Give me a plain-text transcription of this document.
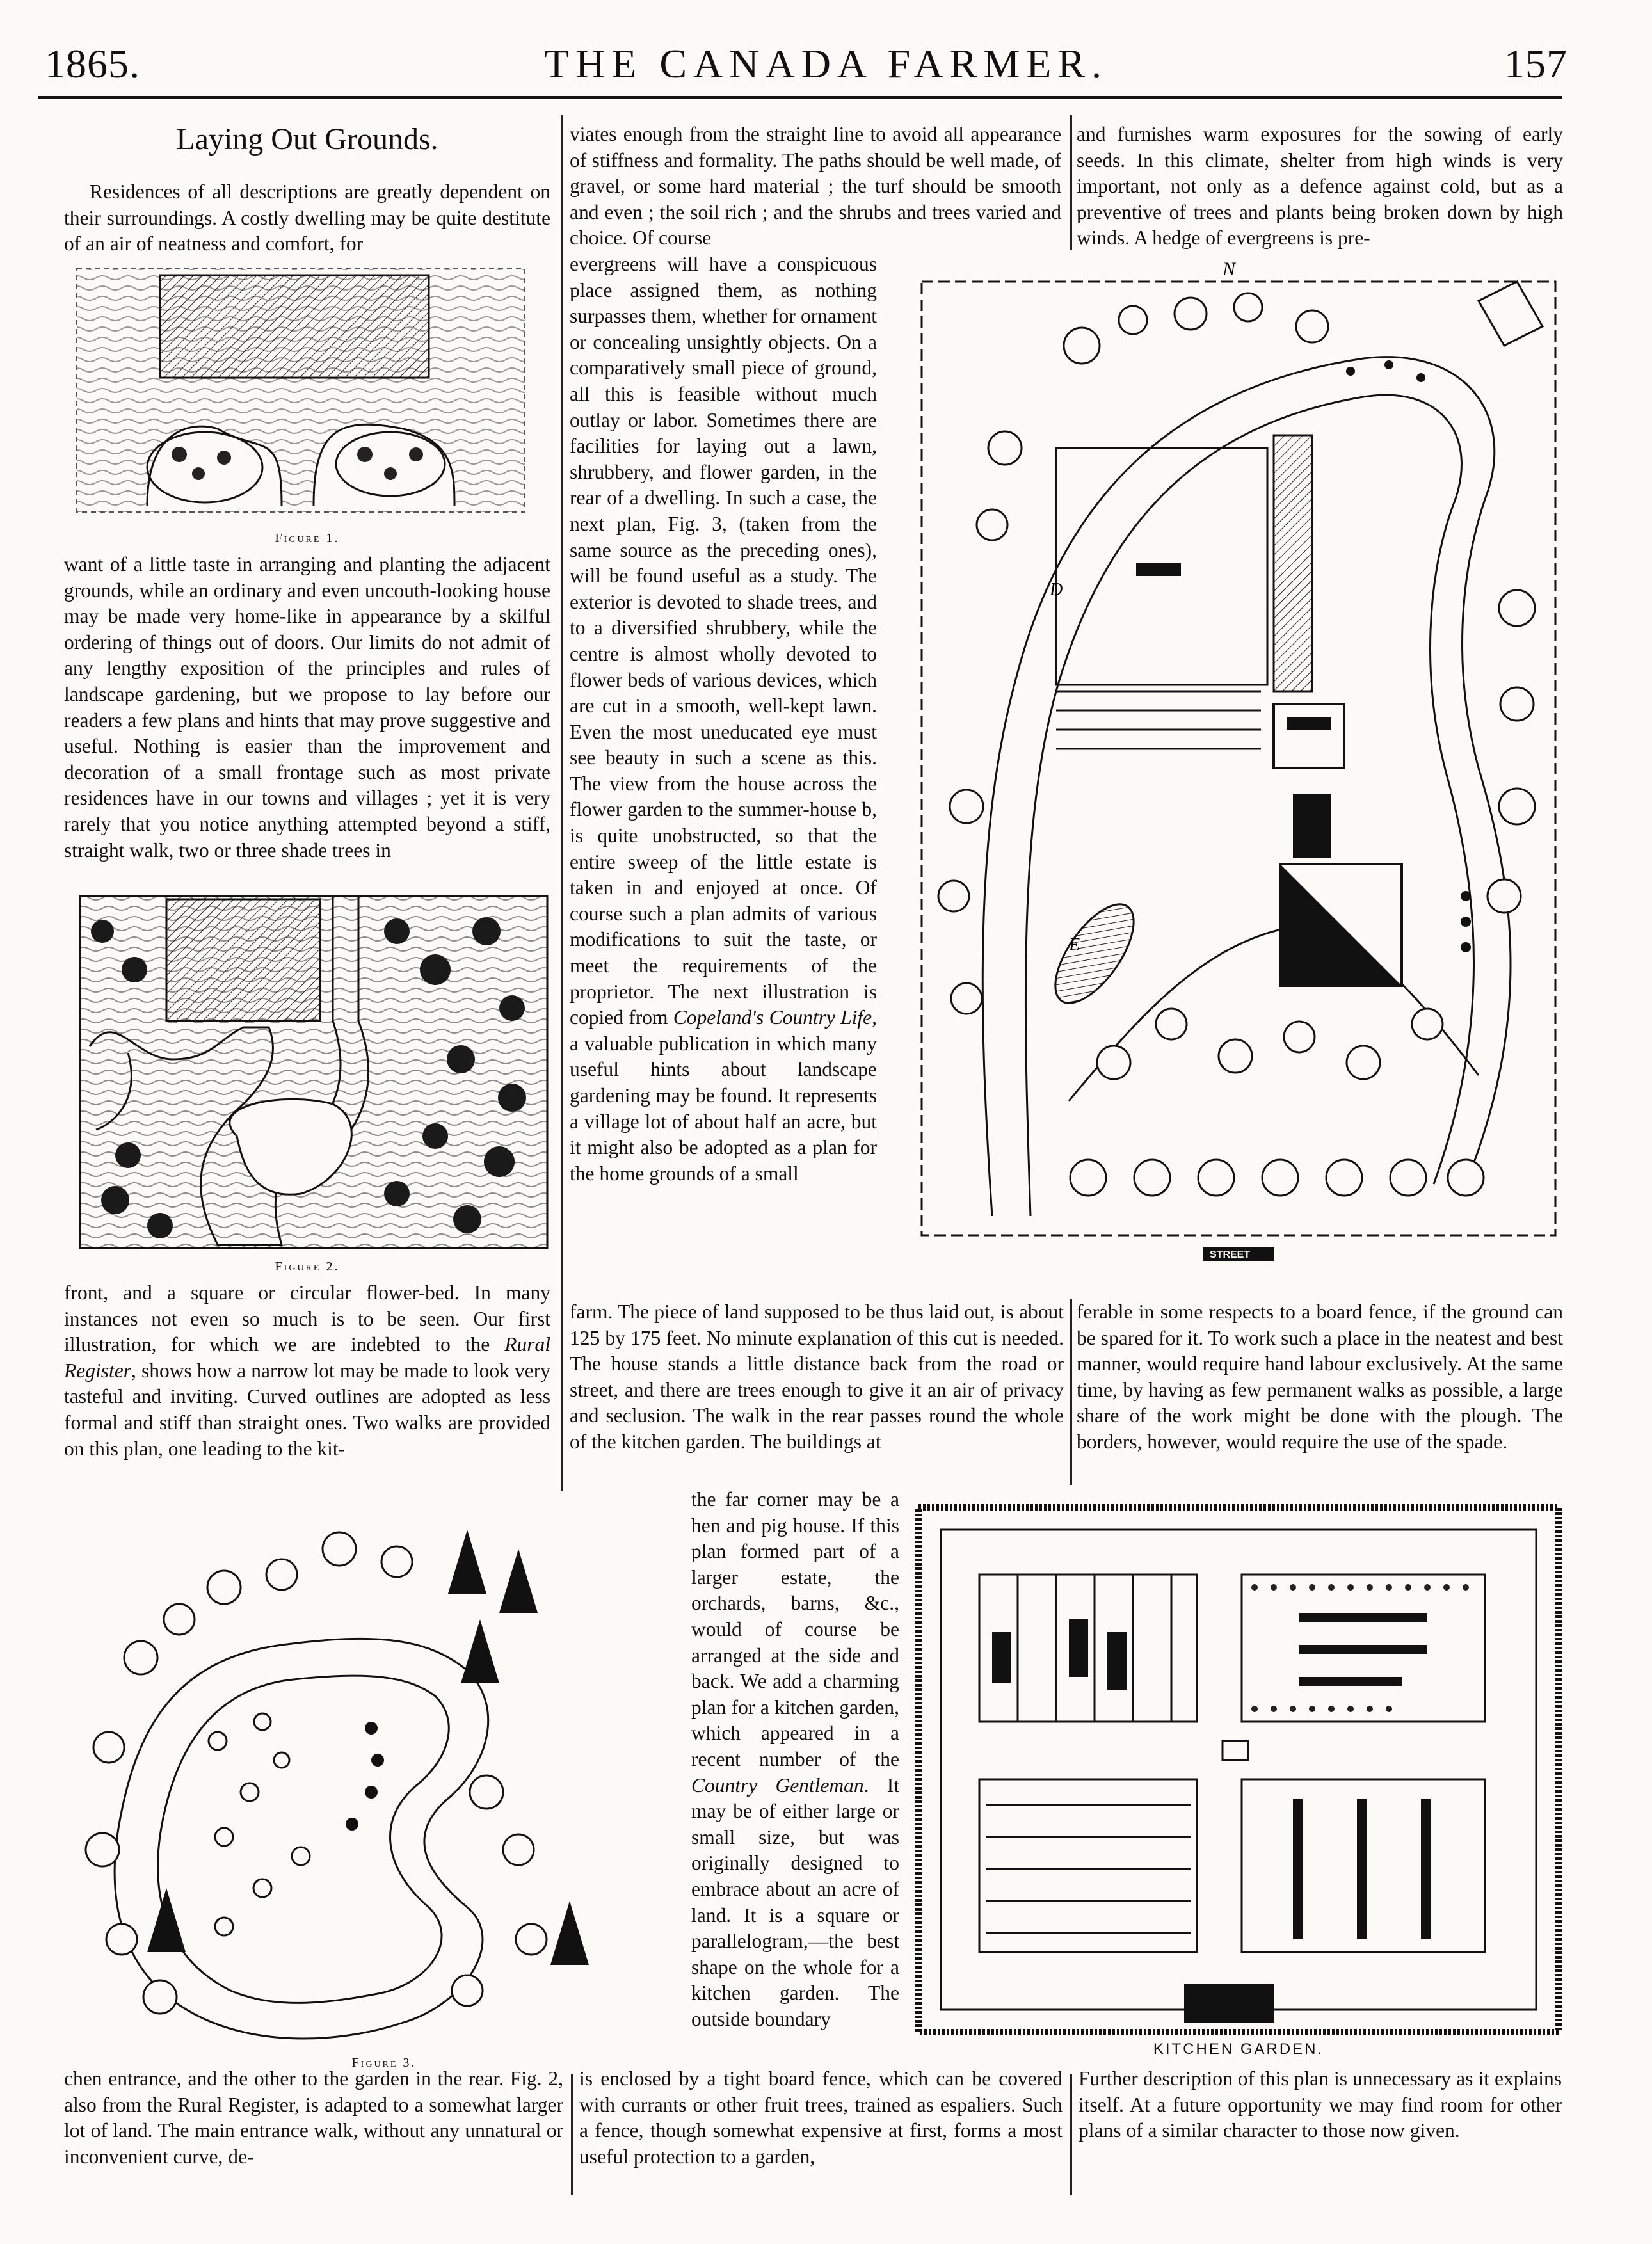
1865.	THE CANADA FARMER.	157
Laying Out Grounds.
Residences of all descriptions are greatly dependent on their surroundings. A costly dwelling may be quite destitute of an air of neatness and comfort, for
Figure 1.
want of a little taste in arranging and planting the adjacent grounds, while an ordinary and even uncouth-looking house may be made very home-like in appearance by a skilful ordering of things out of doors. Our limits do not admit of any lengthy exposition of the principles and rules of landscape gardening, but we propose to lay before our readers a few plans and hints that may prove suggestive and useful. Nothing is easier than the improvement and decoration of a small frontage such as most private residences have in our towns and villages ; yet it is very rarely that you notice anything attempted beyond a stiff, straight walk, two or three shade trees in
Figure 2.
front, and a square or circular flower-bed. In many instances not even so much is to be seen. Our first illustration, for which we are indebted to the Rural Register, shows how a narrow lot may be made to look very tasteful and inviting. Curved outlines are adopted as less formal and stiff than straight ones. Two walks are provided on this plan, one leading to the kit-
viates enough from the straight line to avoid all appearance of stiffness and formality. The paths should be well made, of gravel, or some hard material ; the turf should be smooth and even ; the soil rich ; and the shrubs and trees varied and choice. Of course
evergreens will have a conspicuous place assigned them, as nothing surpasses them, whether for ornament or concealing unsightly objects. On a comparatively small piece of ground, all this is feasible without much outlay or labor. Sometimes there are facilities for laying out a lawn, shrubbery, and flower garden, in the rear of a dwelling. In such a case, the next plan, Fig. 3, (taken from the same source as the preceding ones), will be found useful as a study. The exterior is devoted to shade trees, and to a diversified shrubbery, while the centre is almost wholly devoted to flower beds of various devices, which are cut in a smooth, well-kept lawn. Even the most uneducated eye must see beauty in such a scene as this. The view from the house across the flower garden to the summer-house b, is quite unobstructed, so that the entire sweep of the little estate is taken in and enjoyed at once. Of course such a plan admits of various modifications to suit the taste, or meet the requirements of the proprietor. The next illustration is copied from Copeland's Country Life, a valuable publication in which many useful hints about landscape gardening may be found. It represents a village lot of about half an acre, but it might also be adopted as a plan for the home grounds of a small
N
E
D
STREET
and furnishes warm exposures for the sowing of early seeds. In this climate, shelter from high winds is very important, not only as a defence against cold, but as a preventive of trees and plants being broken down by high winds. A hedge of evergreens is pre-
farm. The piece of land supposed to be thus laid out, is about 125 by 175 feet. No minute explanation of this cut is needed. The house stands a little distance back from the road or street, and there are trees enough to give it an air of privacy and seclusion. The walk in the rear passes round the whole of the kitchen garden. The buildings at
ferable in some respects to a board fence, if the ground can be spared for it. To work such a place in the neatest and best manner, would require hand labour exclusively. At the same time, by having as few permanent walks as possible, a large share of the work might be done with the plough. The borders, however, would require the use of the spade.
Figure 3.
the far corner may be a hen and pig house. If this plan formed part of a larger estate, the orchards, barns, &c., would of course be arranged at the side and back. We add a charming plan for a kitchen garden, which appeared in a recent number of the Country Gentleman. It may be of either large or small size, but was originally designed to embrace about an acre of land. It is a square or parallelogram,—the best shape on the whole for a kitchen garden. The outside boundary
KITCHEN GARDEN.
chen entrance, and the other to the garden in the rear. Fig. 2, also from the Rural Register, is adapted to a somewhat larger lot of land. The main entrance walk, without any unnatural or inconvenient curve, de-
is enclosed by a tight board fence, which can be covered with currants or other fruit trees, trained as espaliers. Such a fence, though somewhat expensive at first, forms a most useful protection to a garden,
Further description of this plan is unnecessary as it explains itself. At a future opportunity we may find room for other plans of a similar character to those now given.
